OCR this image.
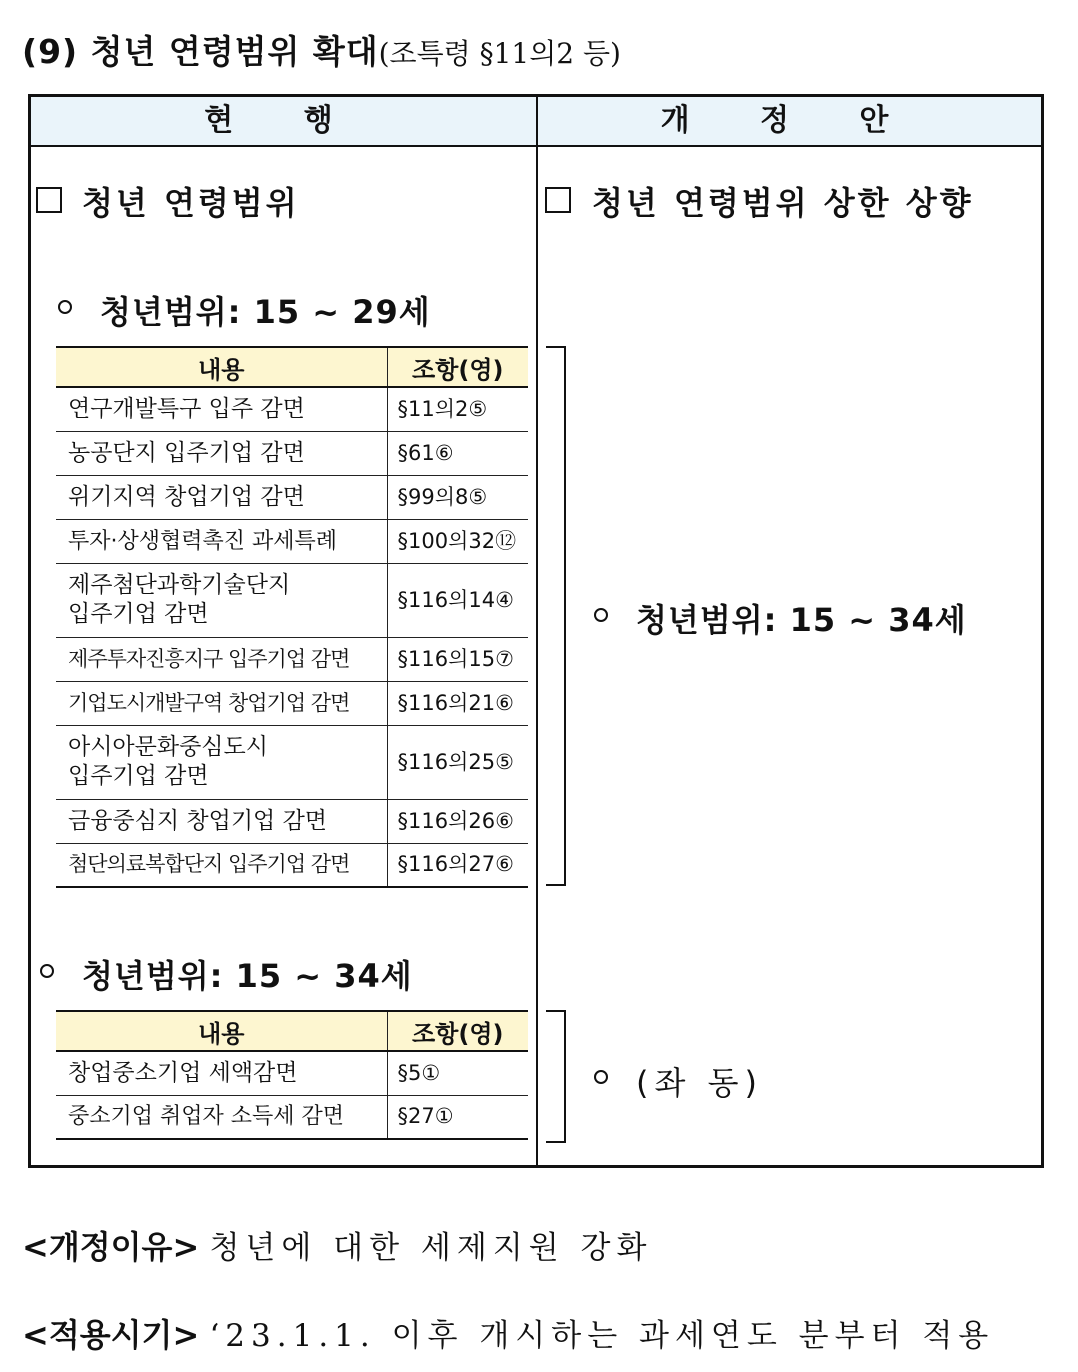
(9) 청년 연령범위 확대(조특령 §11의2 등)
현 행	개 정 안
청년 연령범위
청년범위: 15 ~ 29세
내용	조항(영)
연구개발특구 입주 감면	§11의2⑤
농공단지 입주기업 감면	§61⑥
위기지역 창업기업 감면	§99의8⑤
투자·상생협력촉진 과세특례	§100의32⑫
제주첨단과학기술단지
입주기업 감면	§116의14④
제주투자진흥지구 입주기업 감면	§116의15⑦
기업도시개발구역 창업기업 감면	§116의21⑥
아시아문화중심도시
입주기업 감면	§116의25⑤
금융중심지 창업기업 감면	§116의26⑥
첨단의료복합단지 입주기업 감면	§116의27⑥
청년범위: 15 ~ 34세
내용	조항(영)
창업중소기업 세액감면	§5①
중소기업 취업자 소득세 감면	§27①
청년 연령범위 상한 상향
청년범위: 15 ~ 34세
(좌 동)
<개정이유> 청년에 대한 세제지원 강화
<적용시기> ‘23.1.1. 이후 개시하는 과세연도 분부터 적용
